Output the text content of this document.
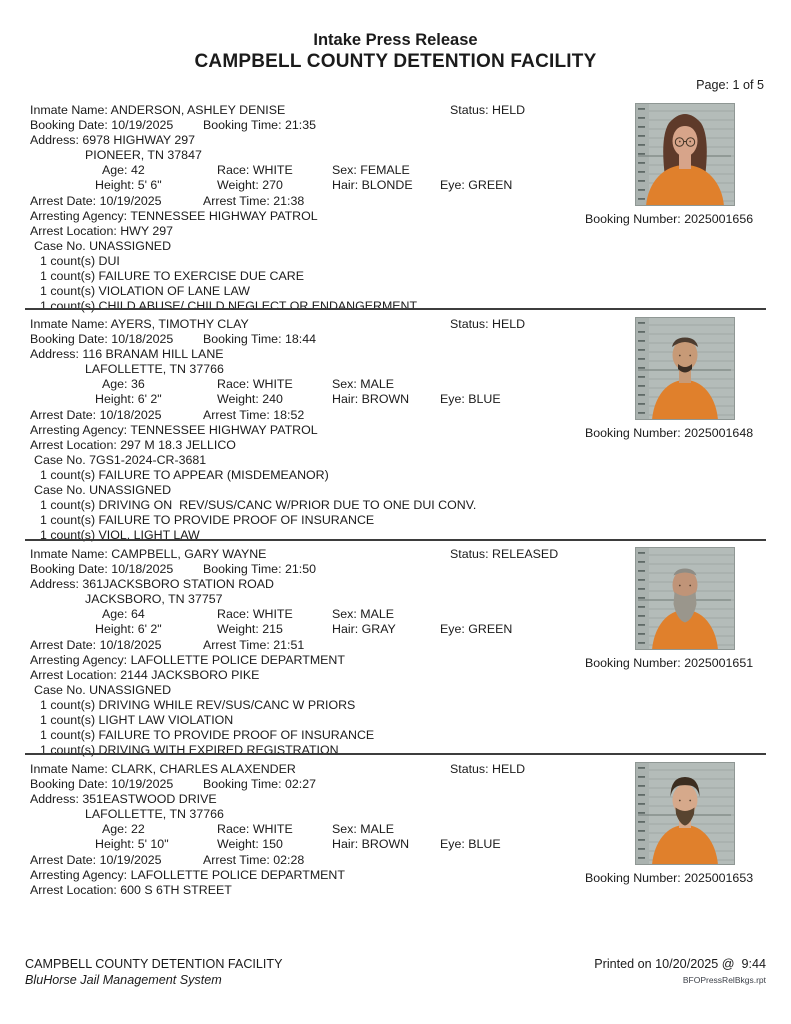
Intake Press Release
CAMPBELL COUNTY DETENTION FACILITY
Page: 1 of 5
Inmate Name: ANDERSON, ASHLEY DENISE	Status: HELD
Booking Date: 10/19/2025 Booking Time: 21:35
Address: 6978 HIGHWAY 297
PIONEER, TN 37847
Age: 42	Race: WHITE	Sex: FEMALE
Height: 5' 6"	Weight: 270	Hair: BLONDE Eye: GREEN
Arrest Date: 10/19/2025	Arrest Time: 21:38
Arresting Agency: TENNESSEE HIGHWAY PATROL
Arrest Location: HWY 297
Case No. UNASSIGNED
1 count(s) DUI
1 count(s) FAILURE TO EXERCISE DUE CARE
1 count(s) VIOLATION OF LANE LAW
1 count(s) CHILD ABUSE/ CHILD NEGLECT OR ENDANGERMENT
Booking Number: 2025001656
Inmate Name: AYERS, TIMOTHY CLAY	Status: HELD
Booking Date: 10/18/2025 Booking Time: 18:44
Address: 116 BRANAM HILL LANE
LAFOLLETTE, TN 37766
Age: 36	Race: WHITE	Sex: MALE
Height: 6' 2"	Weight: 240	Hair: BROWN Eye: BLUE
Arrest Date: 10/18/2025	Arrest Time: 18:52
Arresting Agency: TENNESSEE HIGHWAY PATROL
Arrest Location: 297 M 18.3 JELLICO
Case No. 7GS1-2024-CR-3681
1 count(s) FAILURE TO APPEAR (MISDEMEANOR)
Case No. UNASSIGNED
1 count(s) DRIVING ON  REV/SUS/CANC W/PRIOR DUE TO ONE DUI CONV.
1 count(s) FAILURE TO PROVIDE PROOF OF INSURANCE
1 count(s) VIOL. LIGHT LAW
Booking Number: 2025001648
Inmate Name: CAMPBELL, GARY WAYNE	Status: RELEASED
Booking Date: 10/18/2025 Booking Time: 21:50
Address: 361JACKSBORO STATION ROAD
JACKSBORO, TN 37757
Age: 64	Race: WHITE	Sex: MALE
Height: 6' 2"	Weight: 215	Hair: GRAY	Eye: GREEN
Arrest Date: 10/18/2025	Arrest Time: 21:51
Arresting Agency: LAFOLLETTE POLICE DEPARTMENT
Arrest Location: 2144 JACKSBORO PIKE
Case No. UNASSIGNED
1 count(s) DRIVING WHILE REV/SUS/CANC W PRIORS
1 count(s) LIGHT LAW VIOLATION
1 count(s) FAILURE TO PROVIDE PROOF OF INSURANCE
1 count(s) DRIVING WITH EXPIRED REGISTRATION
Booking Number: 2025001651
Inmate Name: CLARK, CHARLES ALAXENDER	Status: HELD
Booking Date: 10/19/2025 Booking Time: 02:27
Address: 351EASTWOOD DRIVE
LAFOLLETTE, TN 37766
Age: 22	Race: WHITE	Sex: MALE
Height: 5' 10"	Weight: 150	Hair: BROWN Eye: BLUE
Arrest Date: 10/19/2025	Arrest Time: 02:28
Arresting Agency: LAFOLLETTE POLICE DEPARTMENT
Arrest Location: 600 S 6TH STREET
Booking Number: 2025001653
CAMPBELL COUNTY DETENTION FACILITY
BluHorse Jail Management System
Printed on 10/20/2025 @  9:44
BFOPressRelBkgs.rpt
